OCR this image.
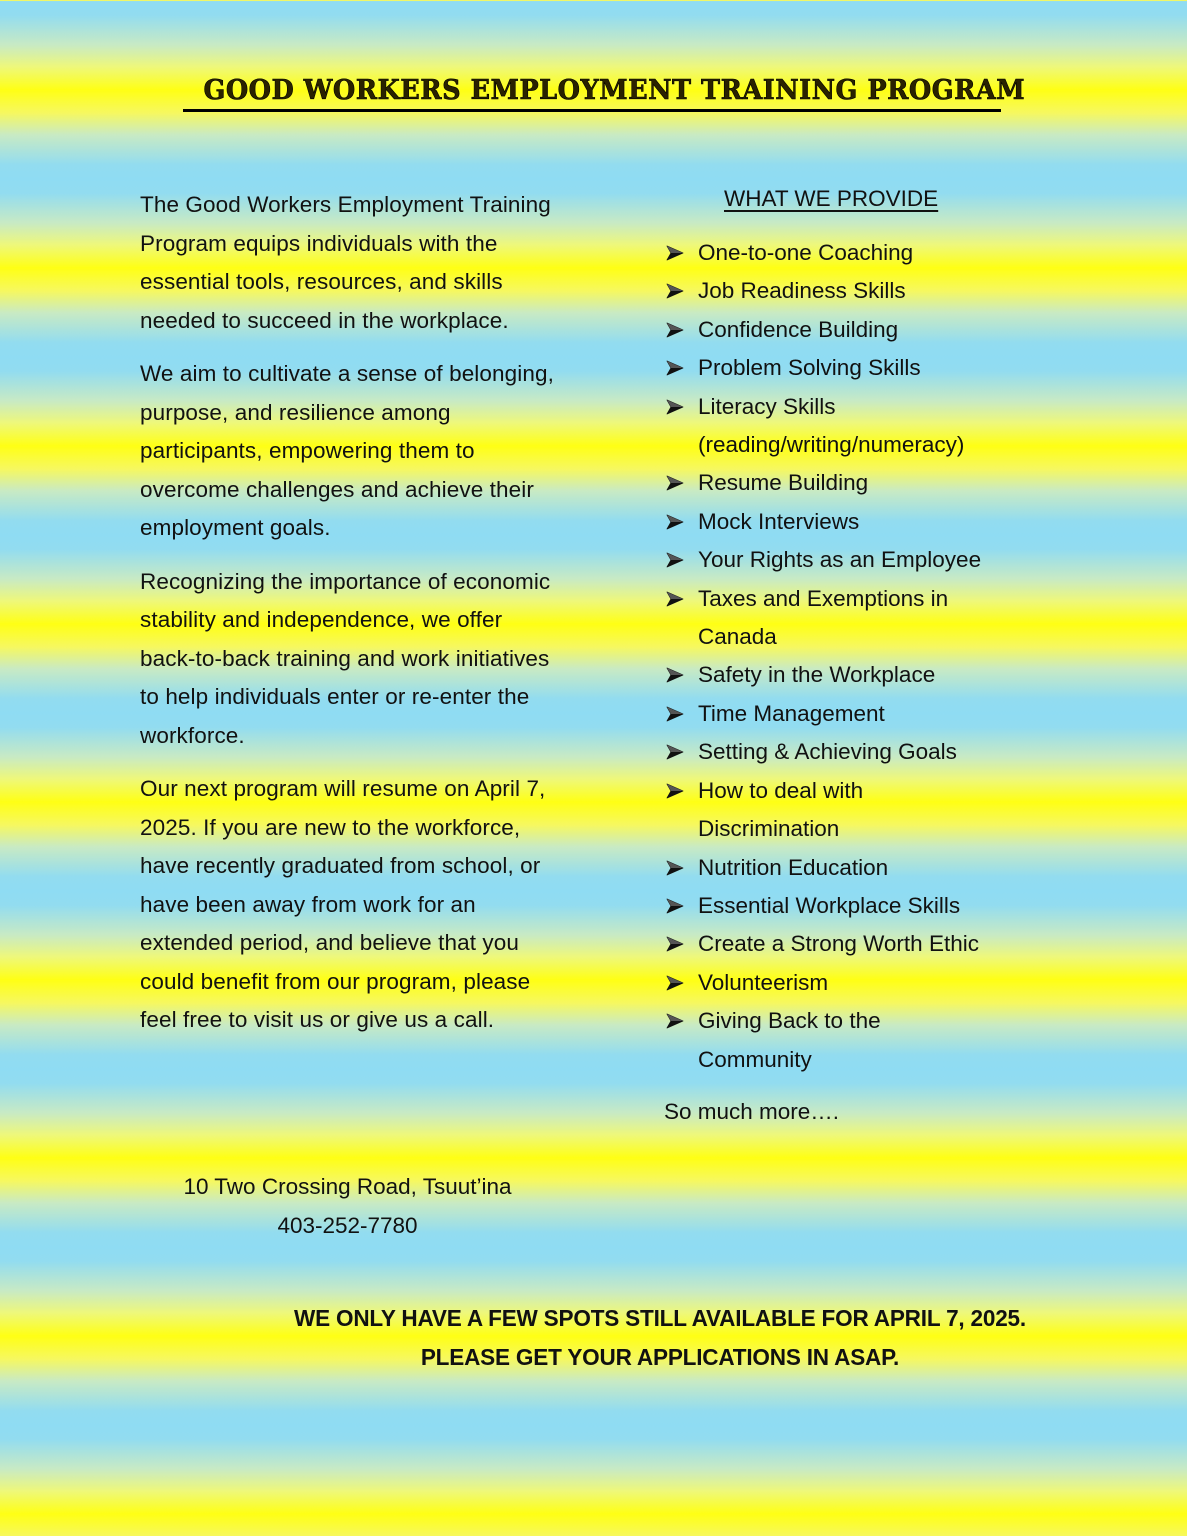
GOOD WORKERS EMPLOYMENT TRAINING PROGRAM

The Good Workers Employment Training Program equips individuals with the essential tools, resources, and skills needed to succeed in the workplace.

We aim to cultivate a sense of belonging, purpose, and resilience among participants, empowering them to overcome challenges and achieve their employment goals.

Recognizing the importance of economic stability and independence, we offer back-to-back training and work initiatives to help individuals enter or re-enter the workforce.

Our next program will resume on April 7, 2025. If you are new to the workforce, have recently graduated from school, or have been away from work for an extended period, and believe that you could benefit from our program, please feel free to visit us or give us a call.

10 Two Crossing Road, Tsuut’ina
403-252-7780
WHAT WE PROVIDE
One-to-one Coaching
Job Readiness Skills
Confidence Building
Problem Solving Skills
Literacy Skills
(reading/writing/numeracy)
Resume Building
Mock Interviews
Your Rights as an Employee
Taxes and Exemptions in
Canada
Safety in the Workplace
Time Management
Setting & Achieving Goals
How to deal with
Discrimination
Nutrition Education
Essential Workplace Skills
Create a Strong Worth Ethic
Volunteerism
Giving Back to the
Community
So much more….
WE ONLY HAVE A FEW SPOTS STILL AVAILABLE FOR APRIL 7, 2025.
PLEASE GET YOUR APPLICATIONS IN ASAP.
